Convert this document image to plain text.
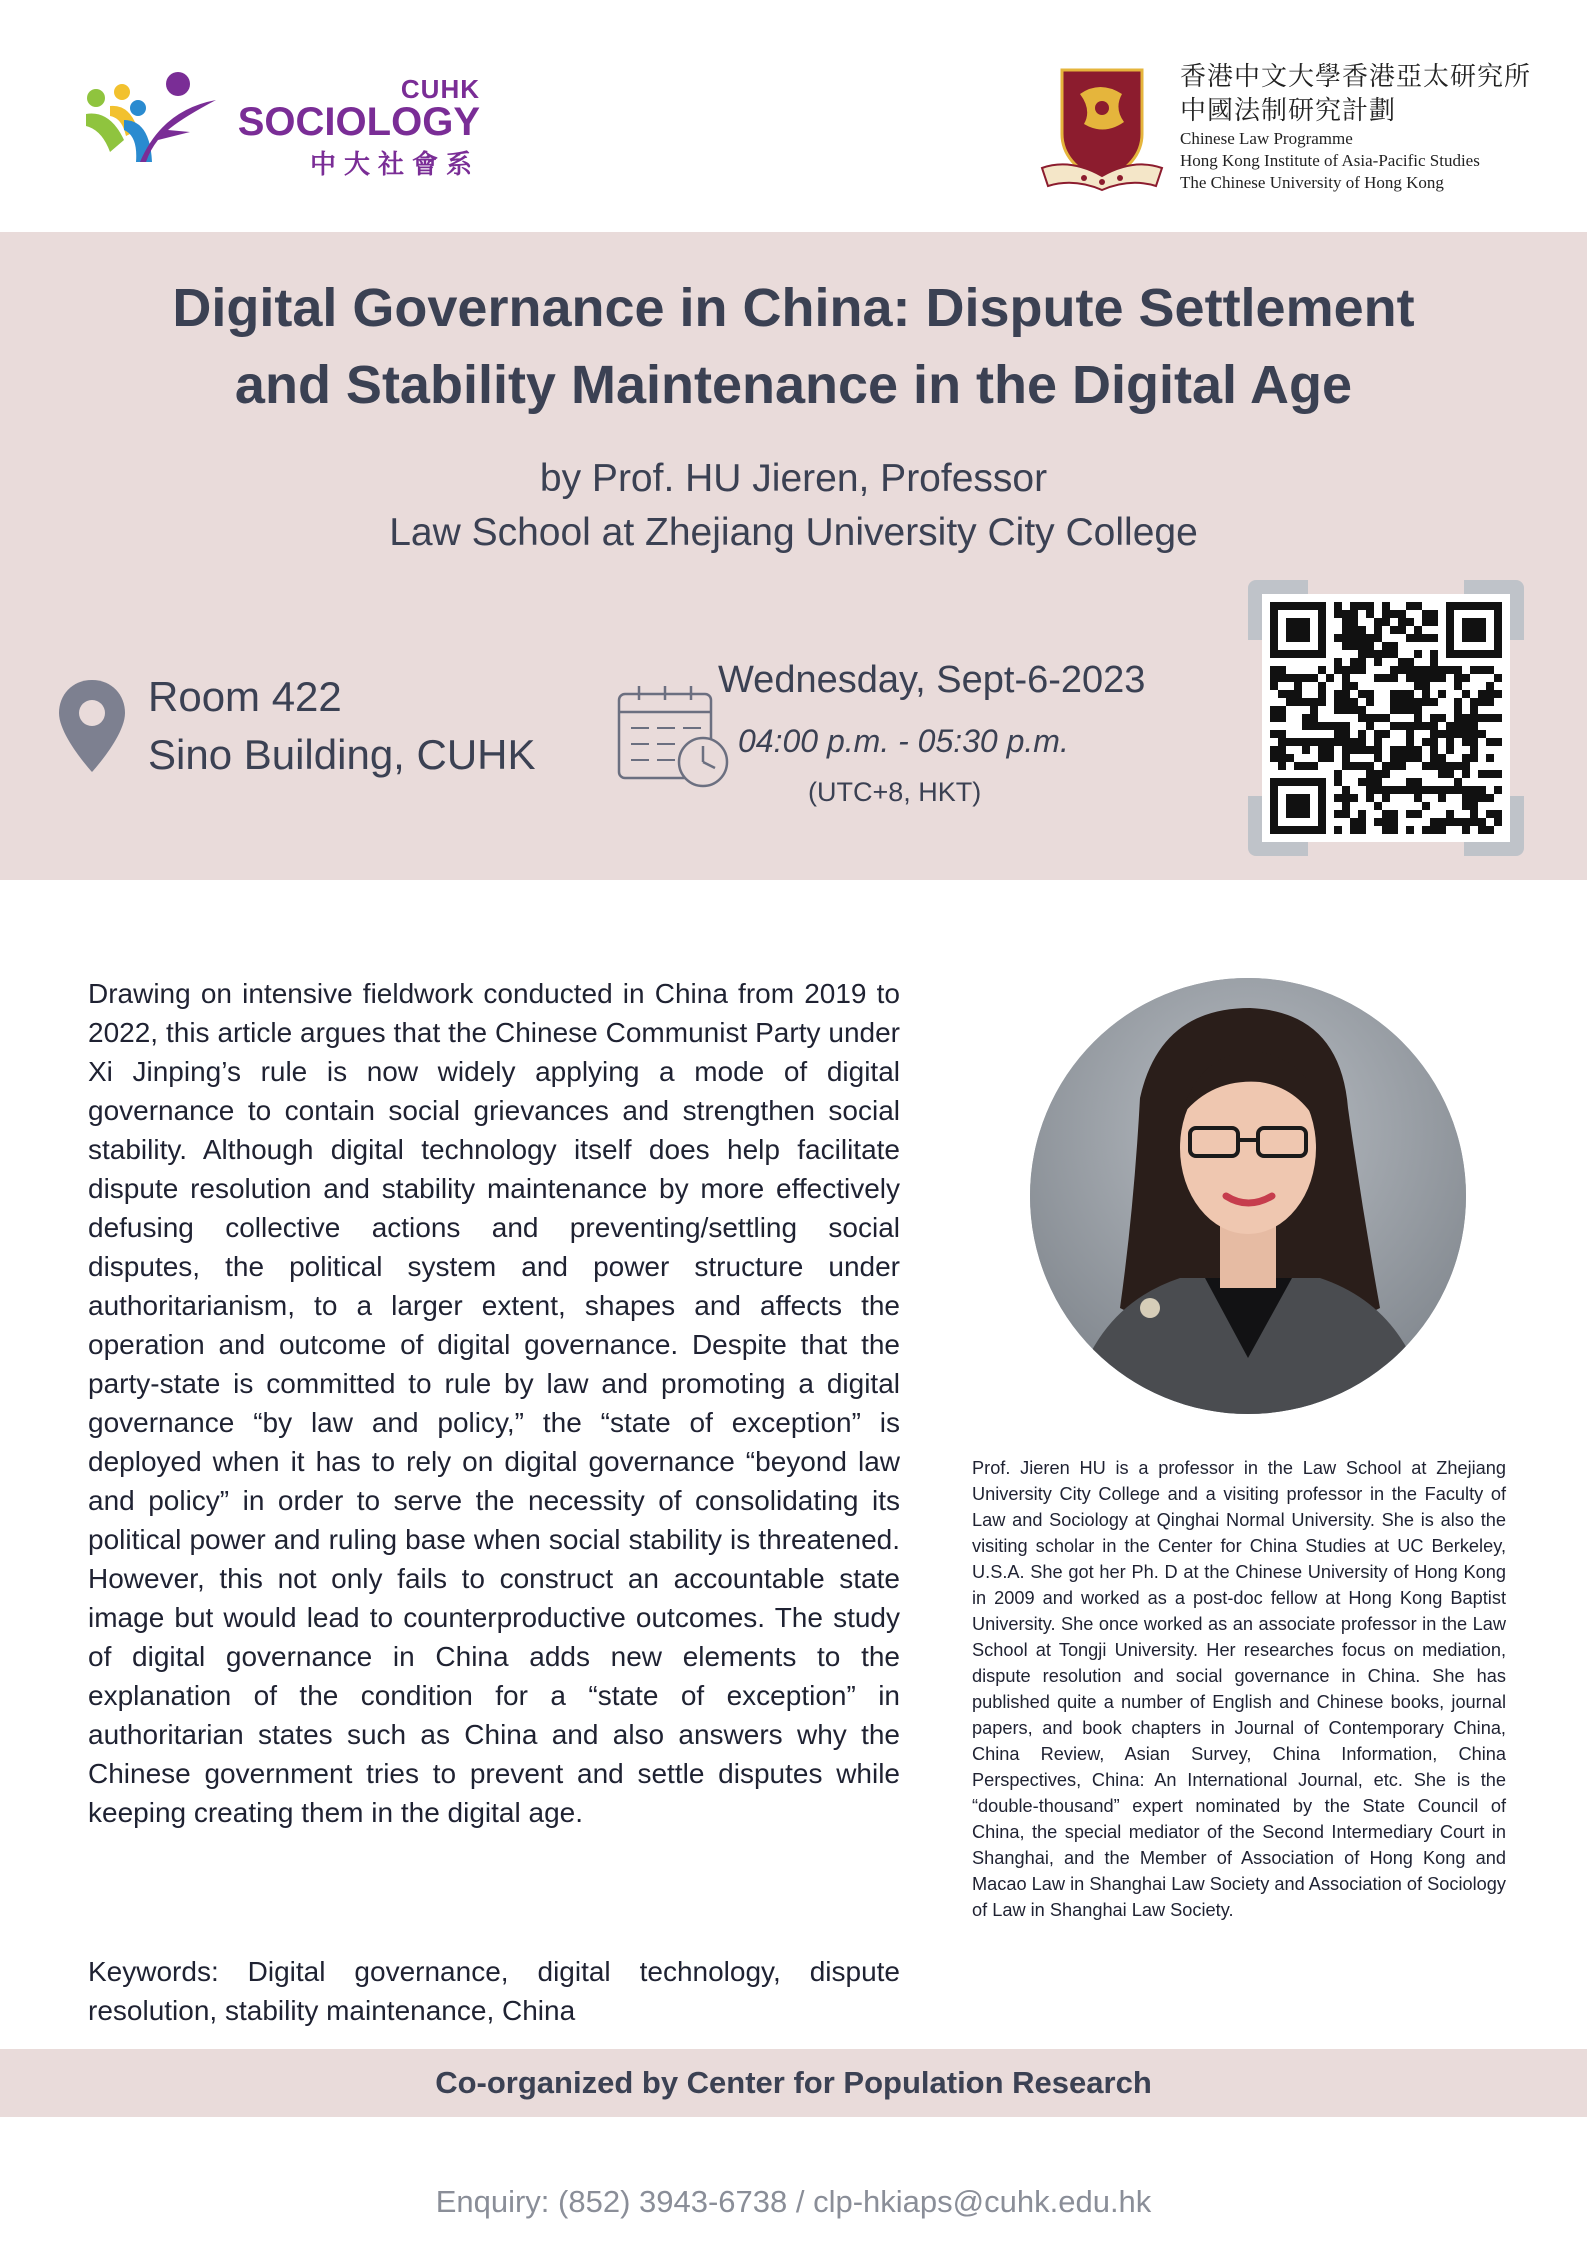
CUHK
SOCIOLOGY
中大社會系
香港中文大學香港亞太研究所
中國法制研究計劃
Chinese Law Programme
Hong Kong Institute of Asia-Pacific Studies
The Chinese University of Hong Kong
Digital Governance in China: Dispute Settlement
and Stability Maintenance in the Digital Age
by Prof. HU Jieren, Professor
Law School at Zhejiang University City College
Room 422
Sino Building, CUHK
Wednesday, Sept-6-2023
04:00 p.m. - 05:30 p.m.
(UTC+8, HKT)
Drawing on intensive fieldwork conducted in China from 2019 to 2022, this article argues that the Chinese Communist Party under Xi Jinping’s rule is now widely applying a mode of digital governance to contain social grievances and strengthen social stability. Although digital technology itself does help facilitate dispute resolution and stability maintenance by more effectively defusing collective actions and preventing/settling social disputes, the political system and power structure under authoritarianism, to a larger extent, shapes and affects the operation and outcome of digital governance. Despite that the party-state is committed to rule by law and promoting a digital governance “by law and policy,” the “state of exception” is deployed when it has to rely on digital governance “beyond law and policy” in order to serve the necessity of consolidating its political power and ruling base when social stability is threatened. However, this not only fails to construct an accountable state image but would lead to counterproductive outcomes. The study of digital governance in China adds new elements to the explanation of the condition for a “state of exception” in authoritarian states such as China and also answers why the Chinese government tries to prevent and settle disputes while keeping creating them in the digital age.
Keywords: Digital governance, digital technology, dispute resolution, stability maintenance, China
Prof. Jieren HU is a professor in the Law School at Zhejiang University City College and a visiting professor in the Faculty of Law and Sociology at Qinghai Normal University. She is also the visiting scholar in the Center for China Studies at UC Berkeley, U.S.A. She got her Ph. D at the Chinese University of Hong Kong in 2009 and worked as a post-doc fellow at Hong Kong Baptist University. She once worked as an associate professor in the Law School at Tongji University. Her researches focus on mediation, dispute resolution and social governance in China. She has published quite a number of English and Chinese books, journal papers, and book chapters in Journal of Contemporary China, China Review, Asian Survey, China Information, China Perspectives, China: An International Journal, etc. She is the “double-thousand” expert nominated by the State Council of China, the special mediator of the Second Intermediary Court in Shanghai, and the Member of Association of Hong Kong and Macao Law in Shanghai Law Society and Association of Sociology of Law in Shanghai Law Society.
Co-organized by Center for Population Research
Enquiry: (852) 3943-6738 / clp-hkiaps@cuhk.edu.hk
